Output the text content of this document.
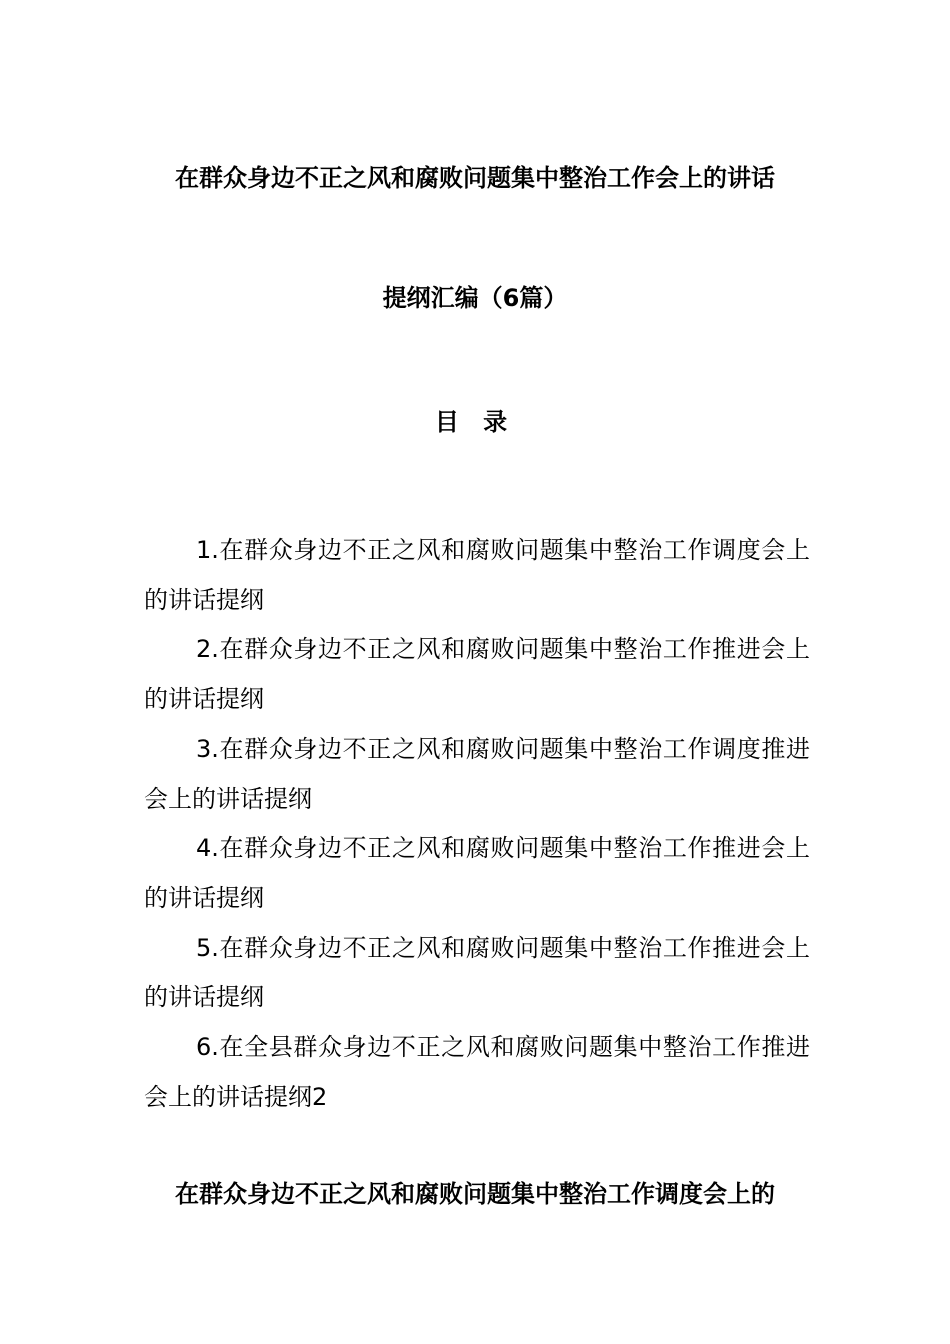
在群众身边不正之风和腐败问题集中整治工作会上的讲话
提纲汇编（6篇）
目 录
1.在群众身边不正之风和腐败问题集中整治工作调度会上的讲话提纲
2.在群众身边不正之风和腐败问题集中整治工作推进会上的讲话提纲
3.在群众身边不正之风和腐败问题集中整治工作调度推进会上的讲话提纲
4.在群众身边不正之风和腐败问题集中整治工作推进会上的讲话提纲
5.在群众身边不正之风和腐败问题集中整治工作推进会上的讲话提纲
6.在全县群众身边不正之风和腐败问题集中整治工作推进会上的讲话提纲2
在群众身边不正之风和腐败问题集中整治工作调度会上的
